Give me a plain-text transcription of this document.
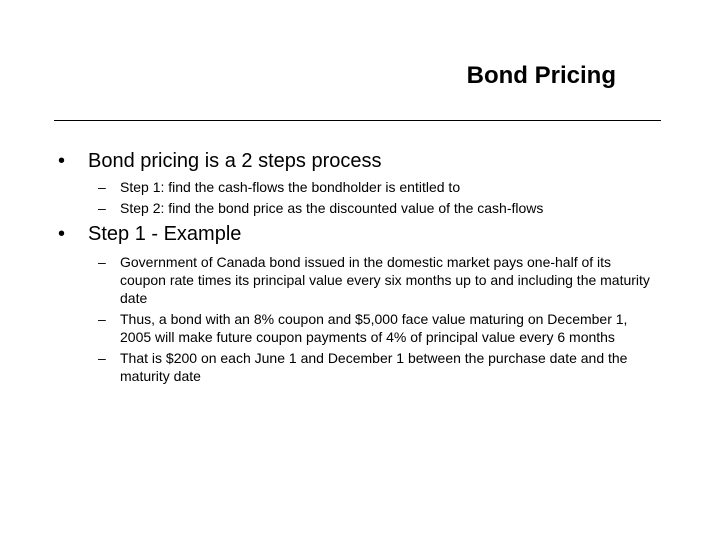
Bond Pricing
•	Bond pricing is a 2 steps process
–	Step 1: find the cash-flows the bondholder is entitled to
–	Step 2: find the bond price as the discounted value of the cash-flows
•	Step 1 - Example
–	Government of Canada bond issued in the domestic market pays one-half of its coupon rate times its principal value every six months up to and including the maturity date
–	Thus, a bond with an 8% coupon and $5,000 face value maturing on December 1, 2005 will make future coupon payments of 4% of principal value every 6 months
–	That is $200 on each June 1 and December 1 between the purchase date and the maturity date
